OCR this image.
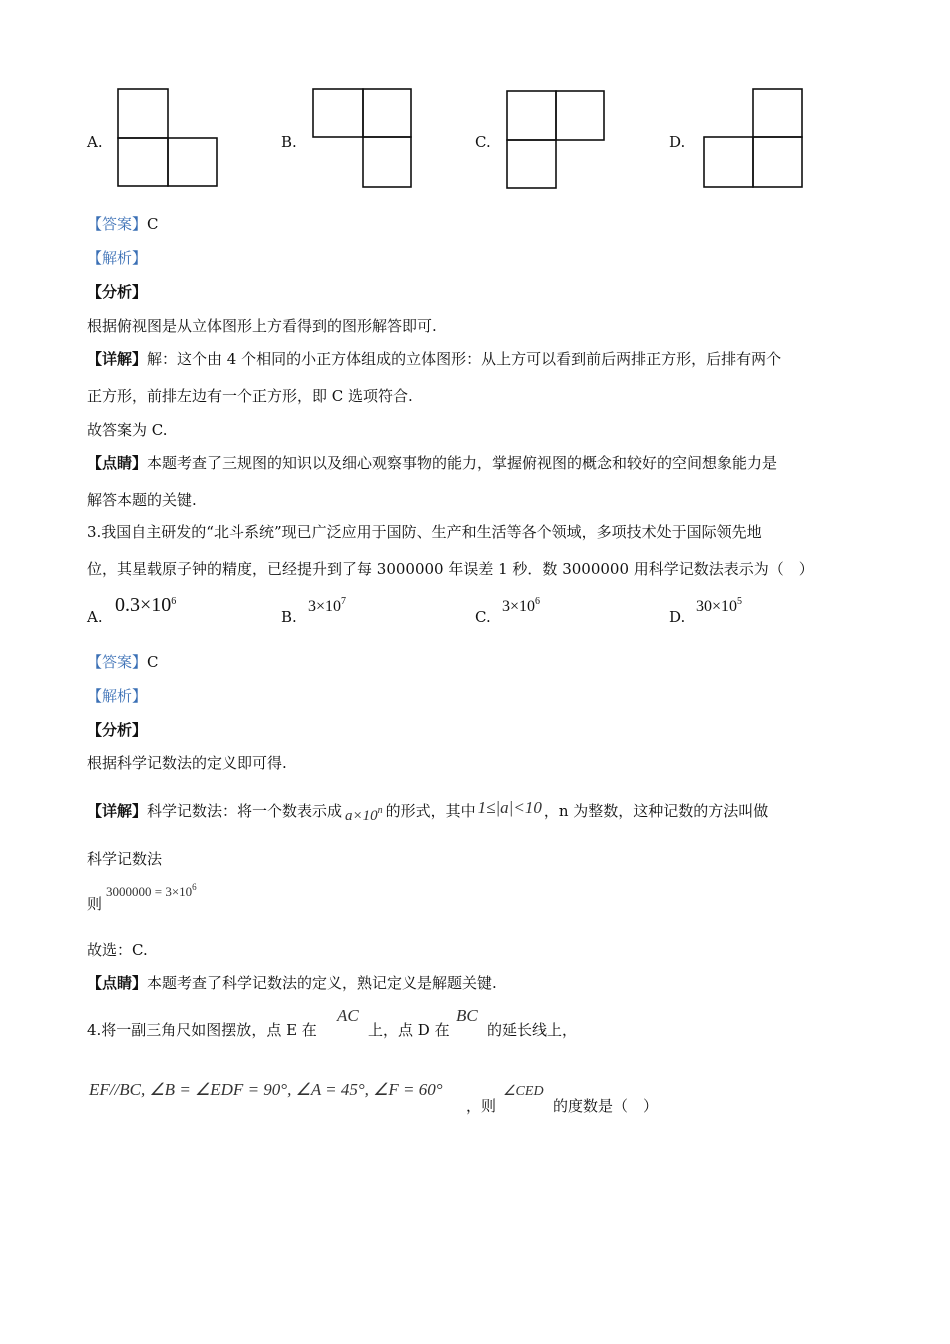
A.	B.	C.	D.
【答案】C
【解析】
【分析】
根据俯视图是从立体图形上方看得到的图形解答即可.
【详解】解：这个由 4 个相同的小正方体组成的立体图形：从上方可以看到前后两排正方形，后排有两个
正方形，前排左边有一个正方形，即 C 选项符合.
故答案为 C.
【点睛】本题考查了三规图的知识以及细心观察事物的能力，掌握俯视图的概念和较好的空间想象能力是
解答本题的关键.
3.我国自主研发的“北斗系统”现已广泛应用于国防、生产和生活等各个领域，多项技术处于国际领先地
位，其星载原子钟的精度，已经提升到了每 3000000 年误差 1 秒．数 3000000 用科学记数法表示为（　）
A.
$0.3\times 10^6$
B.
$3\times 10^7$
C.
$3\times 10^6$
D.
$30\times 10^5$
【答案】C
【解析】
【分析】
根据科学记数法的定义即可得.
【详解】科学记数法：将一个数表示成 $a\times 10^n$ 的形式，其中 1≤|a|<10 ，n 为整数，这种记数的方法叫做
科学记数法
则
$3000000 = 3\times 10^6$
故选：C.
【点睛】本题考查了科学记数法的定义，熟记定义是解题关键.
4.将一副三角尺如图摆放，点 E 在
AC
上，点 D 在
BC
的延长线上，
EF//BC, ∠B = ∠EDF = 90°, ∠A = 45°, ∠F = 60°
，则
∠CED
的度数是（　）
